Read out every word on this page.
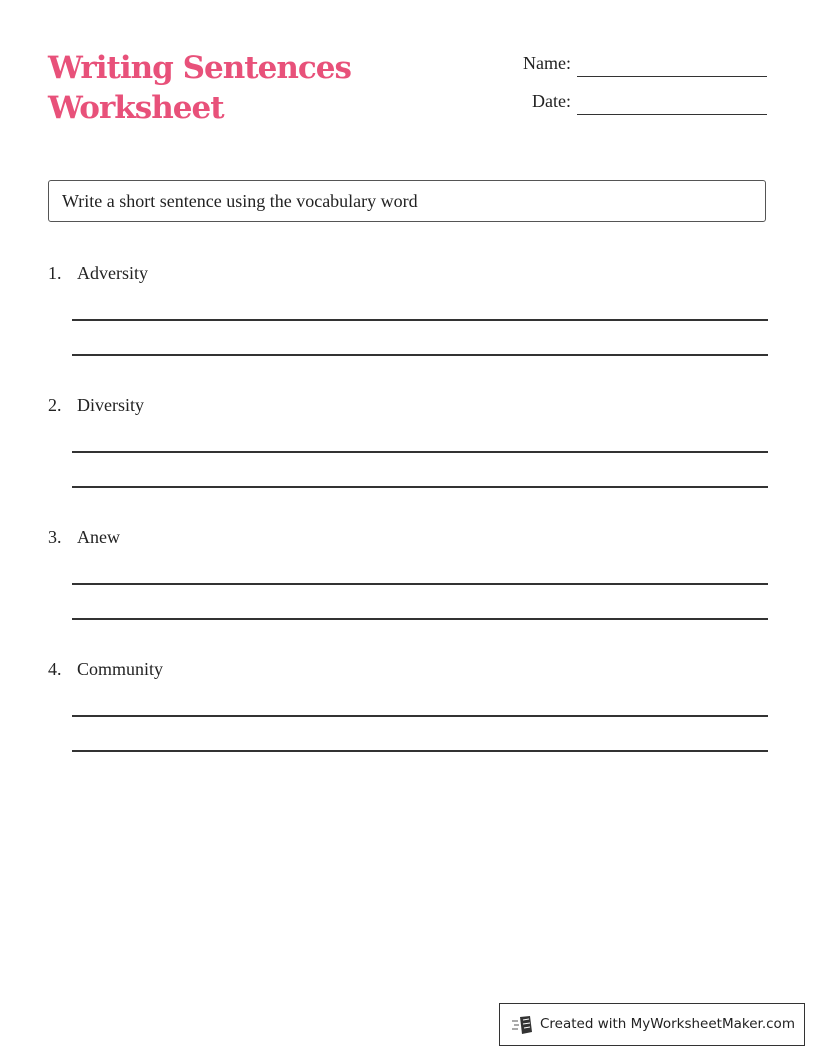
Writing Sentences
Worksheet
Name:
Date:
Write a short sentence using the vocabulary word
1. Adversity
2. Diversity
3. Anew
4. Community
Created with MyWorksheetMaker.com
